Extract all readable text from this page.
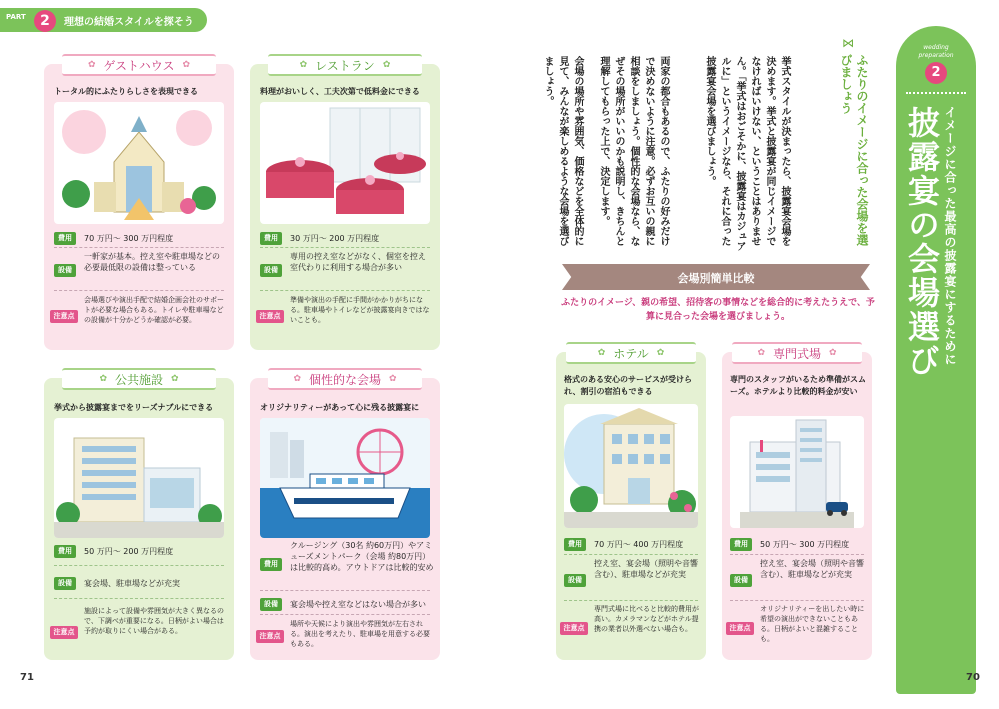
PART	2	理想の結婚スタイルを探そう
✿ ゲストハウス ✿
トータル的にふたりらしさを表現できる
費用	70 万円～ 300 万円程度
設備
一軒家が基本。控え室や駐車場などの必要最低限の設備は整っている
注意点
会場選びや演出手配で結婚企画会社のサポートが必要な場合もある。トイレや駐車場などの設備が十分かどうか確認が必要。
✿ レストラン ✿
料理がおいしく、工夫次第で低料金にできる
費用	30 万円～ 200 万円程度
設備
専用の控え室などがなく、個室を控え室代わりに利用する場合が多い
注意点
準備や演出の手配に手間がかかりがちになる。駐車場やトイレなどが披露宴向きではないことも。
✿ 公共施設 ✿
挙式から披露宴までをリーズナブルにできる
費用	50 万円～ 200 万円程度
設備	宴会場、駐車場などが充実
注意点
施設によって設備や雰囲気が大きく異なるので、下調べが重要になる。日柄がよい場合は予約が取りにくい場合がある。
✿ 個性的な会場 ✿
オリジナリティーがあって心に残る披露宴に
費用
クルージング（30名 約60万円）やアミューズメントパーク（会場 約80万円）は比較的高め。アウトドアは比較的安め
設備	宴会場や控え室などはない場合が多い
注意点
場所や天候により演出や雰囲気が左右される。演出を考えたり、駐車場を用意する必要もある。
71
wedding
preparation
2
イメージに合った最高の披露宴にするために
披露宴の会場選び
⋈
ふたりのイメージに合った会場を選びましょう
挙式スタイルが決まったら、披露宴会場を決めます。挙式と披露宴が同じイメージでなければいけない、ということはありません。「挙式はおごそかに、披露宴はカジュアルに」というイメージなら、それに合った披露宴会場を選びましょう。
両家の都合もあるので、ふたりの好みだけで決めないように注意。必ずお互いの親に相談をしましょう。個性的な会場なら、なぜその場所がいいのかも説明し、きちんと理解してもらった上で、決定します。
会場の場所や雰囲気、価格などを全体的に見て、みんなが楽しめるような会場を選びましょう。
会場別簡単比較
ふたりのイメージ、親の希望、招待客の事情などを総合的に考えたうえで、予算に見合った会場を選びましょう。
✿ ホテル ✿
格式のある安心のサービスが受けられ、割引の宿泊もできる
費用	70 万円～ 400 万円程度
設備
控え室、宴会場（照明や音響含む）、駐車場などが充実
注意点
専門式場に比べると比較的費用が高い。カメラマンなどがホテル提携の業者以外選べない場合も。
✿ 専門式場 ✿
専門のスタッフがいるため準備がスムーズ。ホテルより比較的料金が安い
費用	50 万円～ 300 万円程度
設備
控え室、宴会場（照明や音響含む）、駐車場などが充実
注意点
オリジナリティーを出したい時に希望の演出ができないこともある。日柄がよいと混雑することも。
70
